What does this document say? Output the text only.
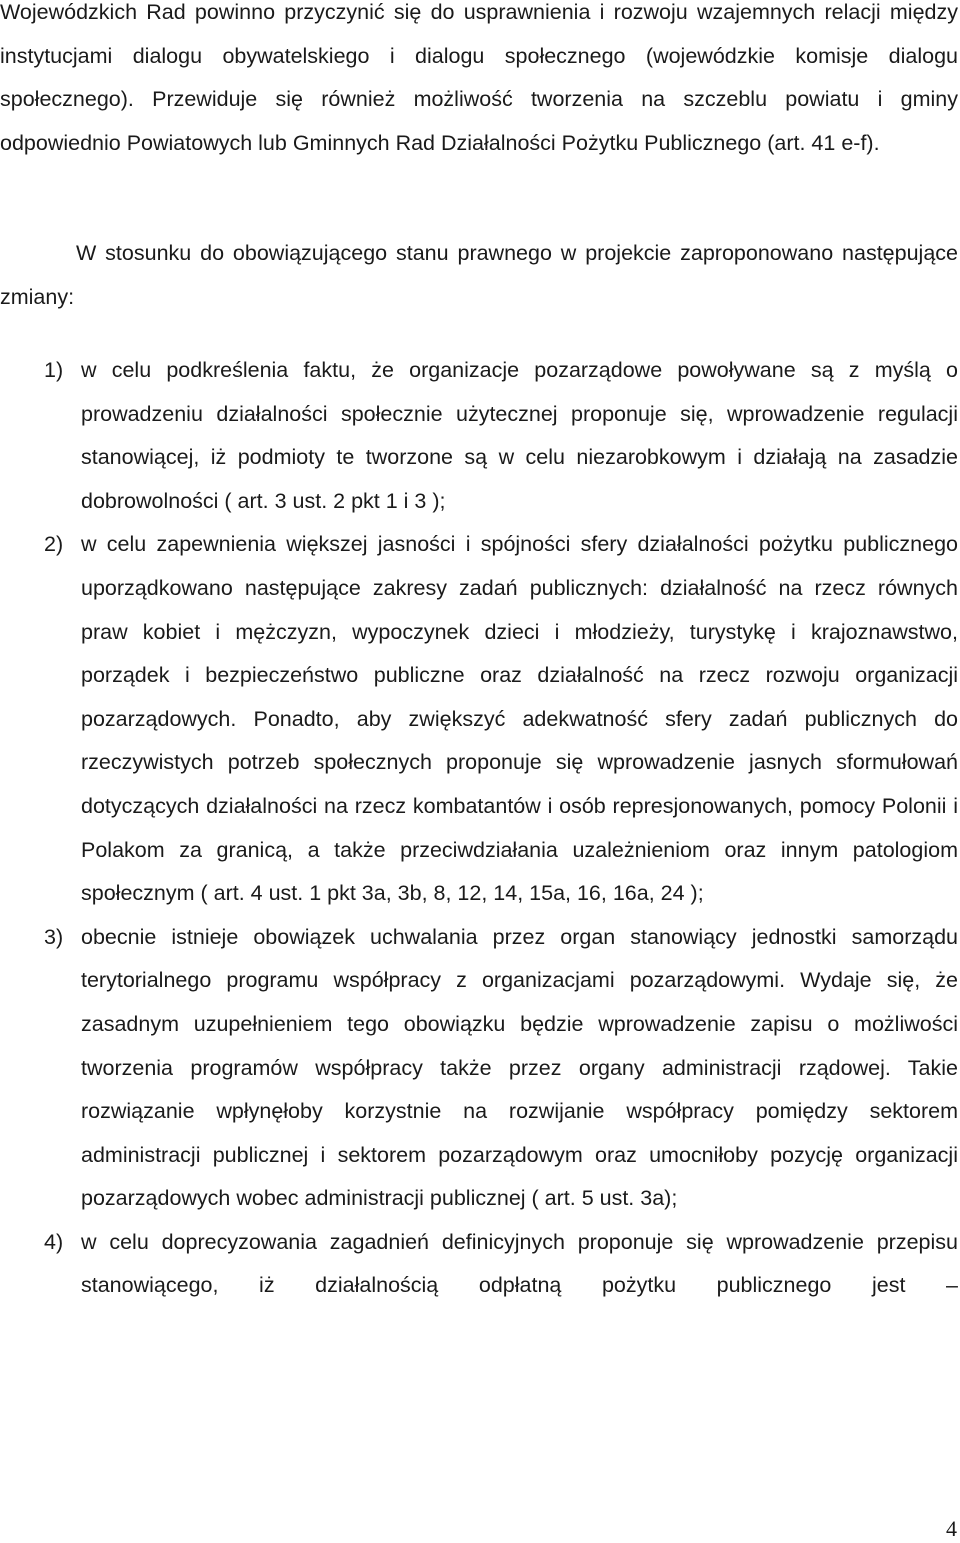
Wojewódzkich Rad powinno przyczynić się do usprawnienia i rozwoju wzajemnych relacji między instytucjami dialogu obywatelskiego i dialogu społecznego (wojewódzkie komisje dialogu społecznego). Przewiduje się również możliwość tworzenia na szczeblu powiatu i gminy odpowiednio Powiatowych lub Gminnych Rad Działalności Pożytku Publicznego (art. 41 e-f).

W stosunku do obowiązującego stanu prawnego w projekcie zaproponowano następujące zmiany:

1) w celu podkreślenia faktu, że organizacje pozarządowe powoływane są z myślą o prowadzeniu działalności społecznie użytecznej proponuje się, wprowadzenie regulacji stanowiącej, iż podmioty te tworzone są w celu niezarobkowym i działają na zasadzie dobrowolności ( art. 3 ust. 2 pkt 1 i 3 );
2) w celu zapewnienia większej jasności i spójności sfery działalności pożytku publicznego uporządkowano następujące zakresy zadań publicznych: działalność na rzecz równych praw kobiet i mężczyzn, wypoczynek dzieci i młodzieży, turystykę i krajoznawstwo, porządek i bezpieczeństwo publiczne oraz działalność na rzecz rozwoju organizacji pozarządowych. Ponadto, aby zwiększyć adekwatność sfery zadań publicznych do rzeczywistych potrzeb społecznych proponuje się wprowadzenie jasnych sformułowań dotyczących działalności na rzecz kombatantów i osób represjonowanych, pomocy Polonii i Polakom za granicą, a także przeciwdziałania uzależnieniom oraz innym patologiom społecznym ( art. 4 ust. 1 pkt 3a, 3b, 8, 12, 14, 15a, 16, 16a, 24 );
3) obecnie istnieje obowiązek uchwalania przez organ stanowiący jednostki samorządu terytorialnego programu współpracy z organizacjami pozarządowymi. Wydaje się, że zasadnym uzupełnieniem tego obowiązku będzie wprowadzenie zapisu o możliwości tworzenia programów współpracy także przez organy administracji rządowej. Takie rozwiązanie wpłynęłoby korzystnie na rozwijanie współpracy pomiędzy sektorem administracji publicznej i sektorem pozarządowym oraz umocniłoby pozycję organizacji pozarządowych wobec administracji publicznej ( art. 5 ust. 3a);
4) w celu doprecyzowania zagadnień definicyjnych proponuje się wprowadzenie przepisu stanowiącego, iż działalnością odpłatną pożytku publicznego jest –
4
